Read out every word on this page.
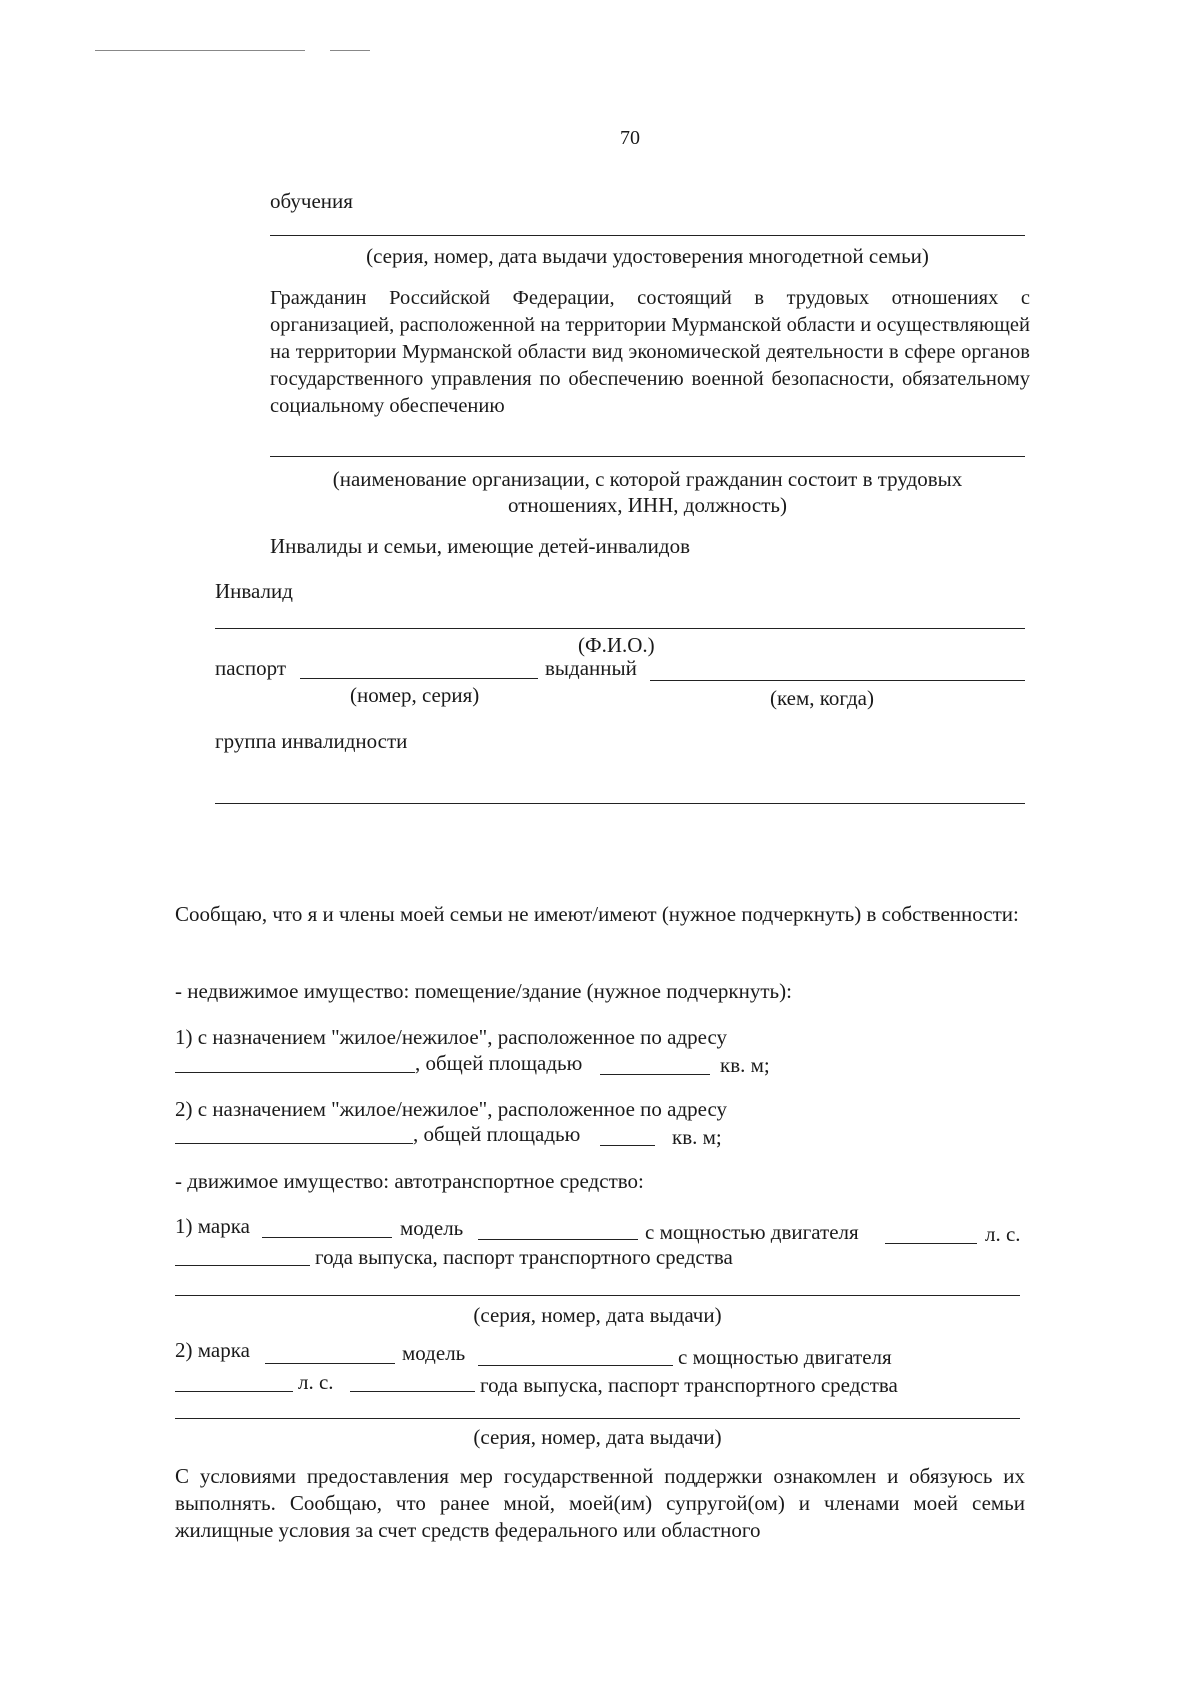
70
обучения
(серия, номер, дата выдачи удостоверения многодетной семьи)
Гражданин Российской Федерации, состоящий в трудовых отношениях с организацией, расположенной на территории Мурманской области и осуществляющей на территории Мурманской области вид экономической деятельности в сфере органов государственного управления по обеспечению военной безопасности, обязательному социальному обеспечению
(наименование организации, с которой гражданин состоит в трудовых
отношениях, ИНН, должность)
Инвалиды и семьи, имеющие детей-инвалидов
Инвалид
(Ф.И.О.)
паспорт	выданный
(номер, серия)	(кем, когда)
группа инвалидности
Сообщаю, что я и члены моей семьи не имеют/имеют (нужное подчеркнуть) в собственности:
- недвижимое имущество: помещение/здание (нужное подчеркнуть):
1) с назначением "жилое/нежилое", расположенное по адресу
, общей площадью	кв. м;
2) с назначением "жилое/нежилое", расположенное по адресу
, общей площадью	кв. м;
- движимое имущество: автотранспортное средство:
1) марка	модель	с мощностью двигателя	л. с.
года выпуска, паспорт транспортного средства
(серия, номер, дата выдачи)
2) марка	модель	с мощностью двигателя
л. с.	года выпуска, паспорт транспортного средства
(серия, номер, дата выдачи)
С условиями предоставления мер государственной поддержки ознакомлен и обязуюсь их выполнять. Сообщаю, что ранее мной, моей(им) супругой(ом) и членами моей семьи жилищные условия за счет средств федерального или областного
